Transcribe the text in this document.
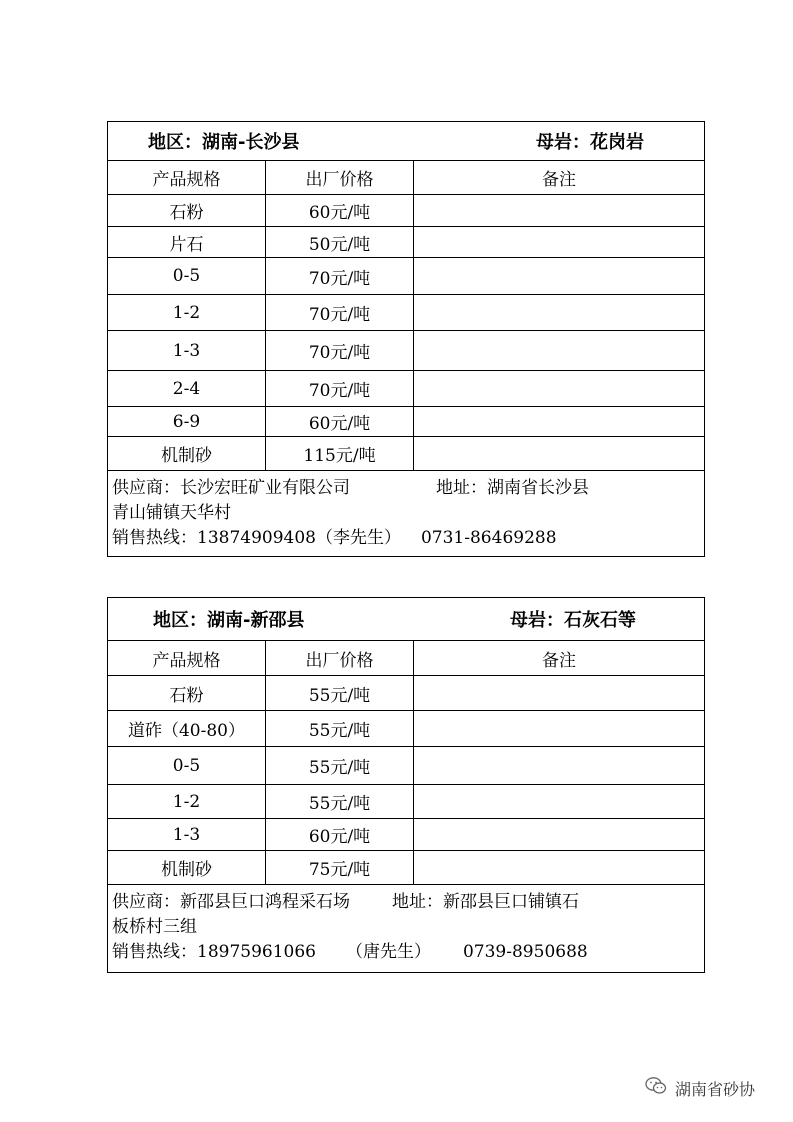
地区：湖南-长沙县 母岩：花岗岩		

产品规格	出厂价格	备注
石粉	60元/吨	
片石	50元/吨	
0-5	70元/吨	
1-2	70元/吨	
1-3	70元/吨	
2-4	70元/吨	
6-9	60元/吨	
机制砂	115元/吨	

供应商：长沙宏旺矿业有限公司 地址：湖南省长沙县
青山铺镇天华村
销售热线：13874909408（李先生） 0731-86469288		
地区：湖南-新邵县 母岩：石灰石等		

产品规格	出厂价格	备注
石粉	55元/吨	
道砟（40-80）	55元/吨	
0-5	55元/吨	
1-2	55元/吨	
1-3	60元/吨	
机制砂	75元/吨	

供应商：新邵县巨口鸿程采石场 地址：新邵县巨口铺镇石
板桥村三组
销售热线：18975961066 （唐先生） 0739-8950688		
湖南省砂协
